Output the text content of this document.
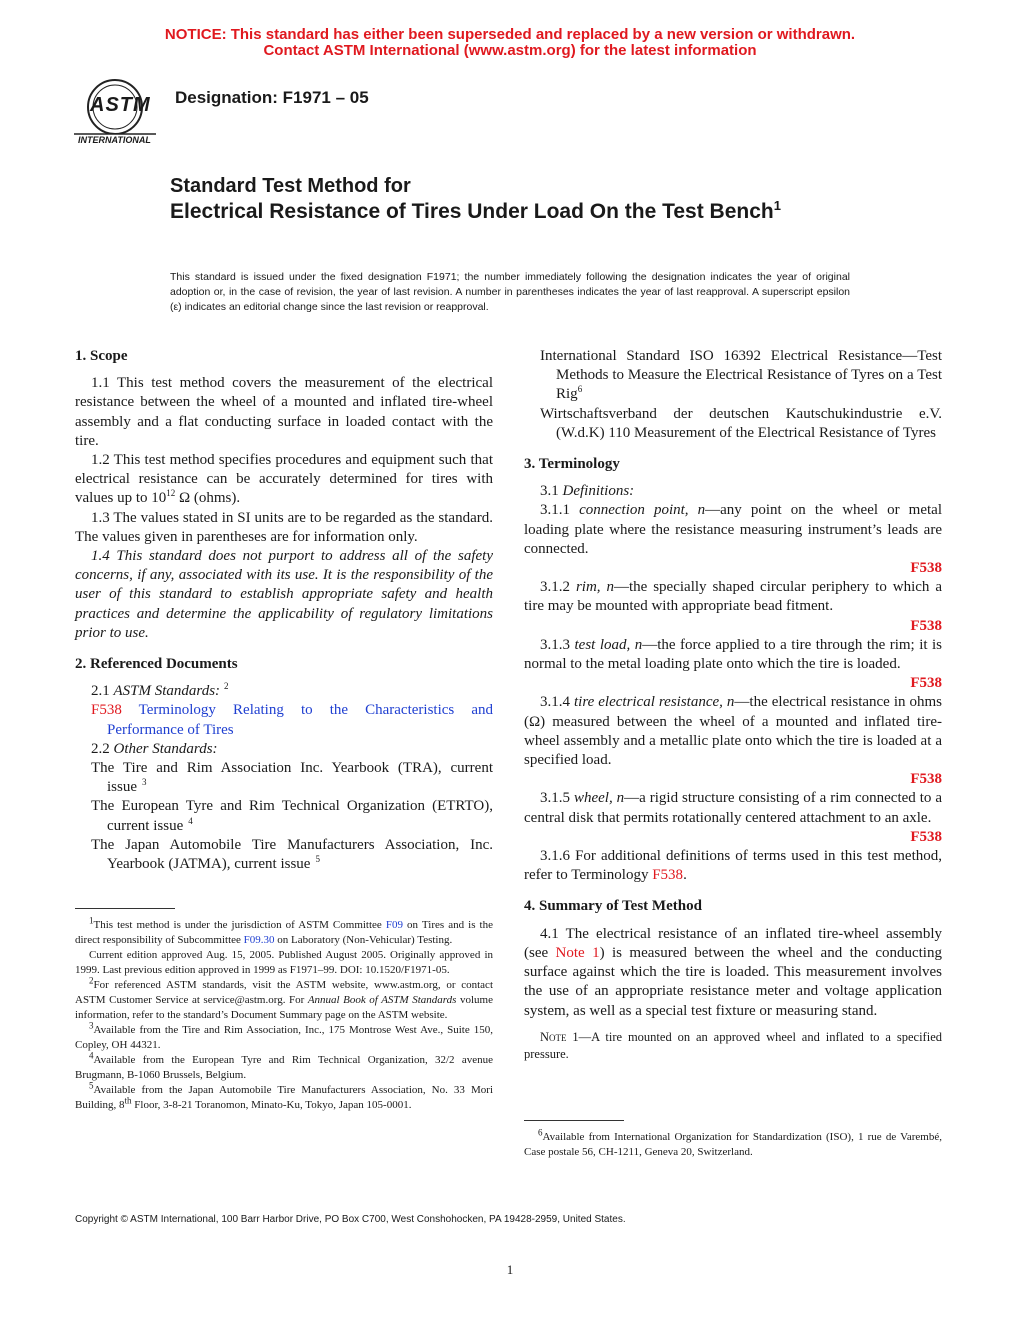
NOTICE: This standard has either been superseded and replaced by a new version or withdrawn.
Contact ASTM International (www.astm.org) for the latest information
ASTM
INTERNATIONAL
Designation: F1971 – 05
Standard Test Method for
Electrical Resistance of Tires Under Load On the Test Bench$^1$
This standard is issued under the fixed designation F1971; the number immediately following the designation indicates the year of original adoption or, in the case of revision, the year of last revision. A number in parentheses indicates the year of last reapproval. A superscript epsilon (ε) indicates an editorial change since the last revision or reapproval.
1. Scope

1.1 This test method covers the measurement of the electrical resistance between the wheel of a mounted and inflated tire-wheel assembly and a flat conducting surface in loaded contact with the tire.

1.2 This test method specifies procedures and equipment such that electrical resistance can be accurately determined for tires with values up to $10^{12}$ Ω (ohms).

1.3 The values stated in SI units are to be regarded as the standard. The values given in parentheses are for information only.

1.4 This standard does not purport to address all of the safety concerns, if any, associated with its use. It is the responsibility of the user of this standard to establish appropriate safety and health practices and determine the applicability of regulatory limitations prior to use.

2. Referenced Documents

2.1 ASTM Standards: $^2$

F538 Terminology Relating to the Characteristics and Performance of Tires

2.2 Other Standards:

The Tire and Rim Association Inc. Yearbook (TRA), current issue $^3$

The European Tyre and Rim Technical Organization (ETRTO), current issue $^4$

The Japan Automobile Tire Manufacturers Association, Inc. Yearbook (JATMA), current issue $^5$

$^1$This test method is under the jurisdiction of ASTM Committee F09 on Tires and is the direct responsibility of Subcommittee F09.30 on Laboratory (Non-Vehicular) Testing.

Current edition approved Aug. 15, 2005. Published August 2005. Originally approved in 1999. Last previous edition approved in 1999 as F1971–99. DOI: 10.1520/F1971-05.

$^2$For referenced ASTM standards, visit the ASTM website, www.astm.org, or contact ASTM Customer Service at service@astm.org. For Annual Book of ASTM Standards volume information, refer to the standard’s Document Summary page on the ASTM website.

$^3$Available from the Tire and Rim Association, Inc., 175 Montrose West Ave., Suite 150, Copley, OH 44321.

$^4$Available from the European Tyre and Rim Technical Organization, 32/2 avenue Brugmann, B-1060 Brussels, Belgium.

$^5$Available from the Japan Automobile Tire Manufacturers Association, No. 33 Mori Building, 8th Floor, 3-8-21 Toranomon, Minato-Ku, Tokyo, Japan 105-0001.

International Standard ISO 16392 Electrical Resistance—Test Methods to Measure the Electrical Resistance of Tyres on a Test Rig$^6$

Wirtschaftsverband der deutschen Kautschukindustrie e.V. (W.d.K) 110 Measurement of the Electrical Resistance of Tyres

3. Terminology

3.1 Definitions:

3.1.1 connection point, n—any point on the wheel or metal loading plate where the resistance measuring instrument’s leads are connected.
F538

3.1.2 rim, n—the specially shaped circular periphery to which a tire may be mounted with appropriate bead fitment.
F538

3.1.3 test load, n—the force applied to a tire through the rim; it is normal to the metal loading plate onto which the tire is loaded.
F538

3.1.4 tire electrical resistance, n—the electrical resistance in ohms (Ω) measured between the wheel of a mounted and inflated tire-wheel assembly and a metallic plate onto which the tire is loaded at a specified load.
F538

3.1.5 wheel, n—a rigid structure consisting of a rim connected to a central disk that permits rotationally centered attachment to an axle.
F538

3.1.6 For additional definitions of terms used in this test method, refer to Terminology F538.

4. Summary of Test Method

4.1 The electrical resistance of an inflated tire-wheel assembly (see Note 1) is measured between the wheel and the conducting surface against which the tire is loaded. This measurement involves the use of an appropriate resistance meter and voltage application system, as well as a special test fixture or measuring stand.

Note 1—A tire mounted on an approved wheel and inflated to a specified pressure.

$^6$Available from International Organization for Standardization (ISO), 1 rue de Varembé, Case postale 56, CH-1211, Geneva 20, Switzerland.

Copyright © ASTM International, 100 Barr Harbor Drive, PO Box C700, West Conshohocken, PA 19428-2959, United States.
1
